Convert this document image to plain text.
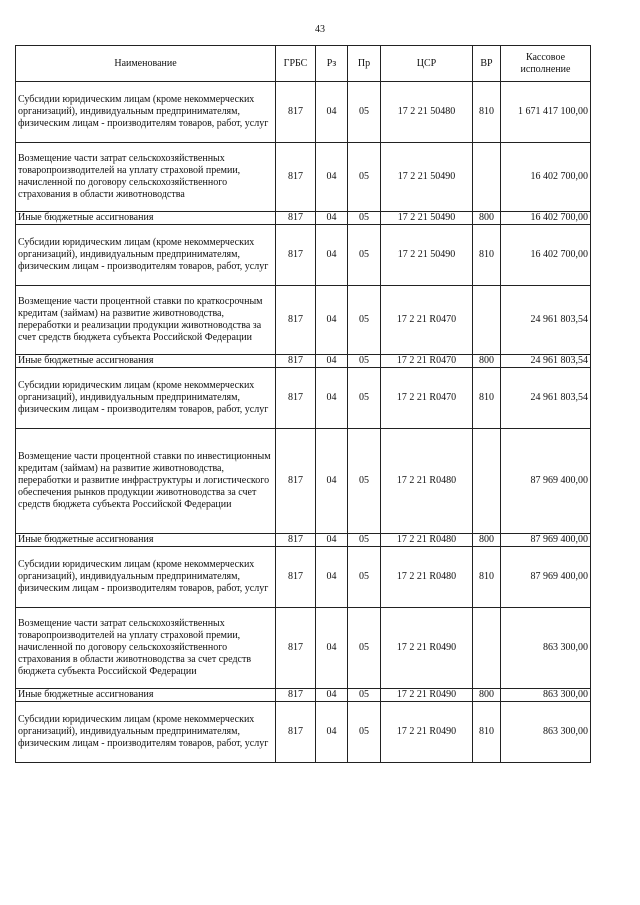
43
Наименование	ГРБС	Рз	Пр	ЦСР	ВР	Кассовое исполнение
Субсидии юридическим лицам (кроме некоммерческих организаций), индивидуальным предпринимателям, физическим лицам - производителям товаров, работ, услуг	817	04	05	17 2 21 50480	810	1 671 417 100,00
Возмещение части затрат сельскохозяйственных товаропроизводителей на уплату страховой премии, начисленной по договору сельскохозяйственного страхования в области животноводства	817	04	05	17 2 21 50490		16 402 700,00
Иные бюджетные ассигнования	817	04	05	17 2 21 50490	800	16 402 700,00
Субсидии юридическим лицам (кроме некоммерческих организаций), индивидуальным предпринимателям, физическим лицам - производителям товаров, работ, услуг	817	04	05	17 2 21 50490	810	16 402 700,00
Возмещение части процентной ставки по краткосрочным кредитам (займам) на развитие животноводства, переработки и реализации продукции животноводства за счет средств бюджета субъекта Российской Федерации	817	04	05	17 2 21 R0470		24 961 803,54
Иные бюджетные ассигнования	817	04	05	17 2 21 R0470	800	24 961 803,54
Субсидии юридическим лицам (кроме некоммерческих организаций), индивидуальным предпринимателям, физическим лицам - производителям товаров, работ, услуг	817	04	05	17 2 21 R0470	810	24 961 803,54
Возмещение части процентной ставки по инвестиционным кредитам (займам) на развитие животноводства, переработки и развитие инфраструктуры и логистического обеспечения рынков продукции животноводства за счет средств бюджета субъекта Российской Федерации	817	04	05	17 2 21 R0480		87 969 400,00
Иные бюджетные ассигнования	817	04	05	17 2 21 R0480	800	87 969 400,00
Субсидии юридическим лицам (кроме некоммерческих организаций), индивидуальным предпринимателям, физическим лицам - производителям товаров, работ, услуг	817	04	05	17 2 21 R0480	810	87 969 400,00
Возмещение части затрат сельскохозяйственных товаропроизводителей на уплату страховой премии, начисленной по договору сельскохозяйственного страхования в области животноводства за счет средств бюджета субъекта Российской Федерации	817	04	05	17 2 21 R0490		863 300,00
Иные бюджетные ассигнования	817	04	05	17 2 21 R0490	800	863 300,00
Субсидии юридическим лицам (кроме некоммерческих организаций), индивидуальным предпринимателям, физическим лицам - производителям товаров, работ, услуг	817	04	05	17 2 21 R0490	810	863 300,00
